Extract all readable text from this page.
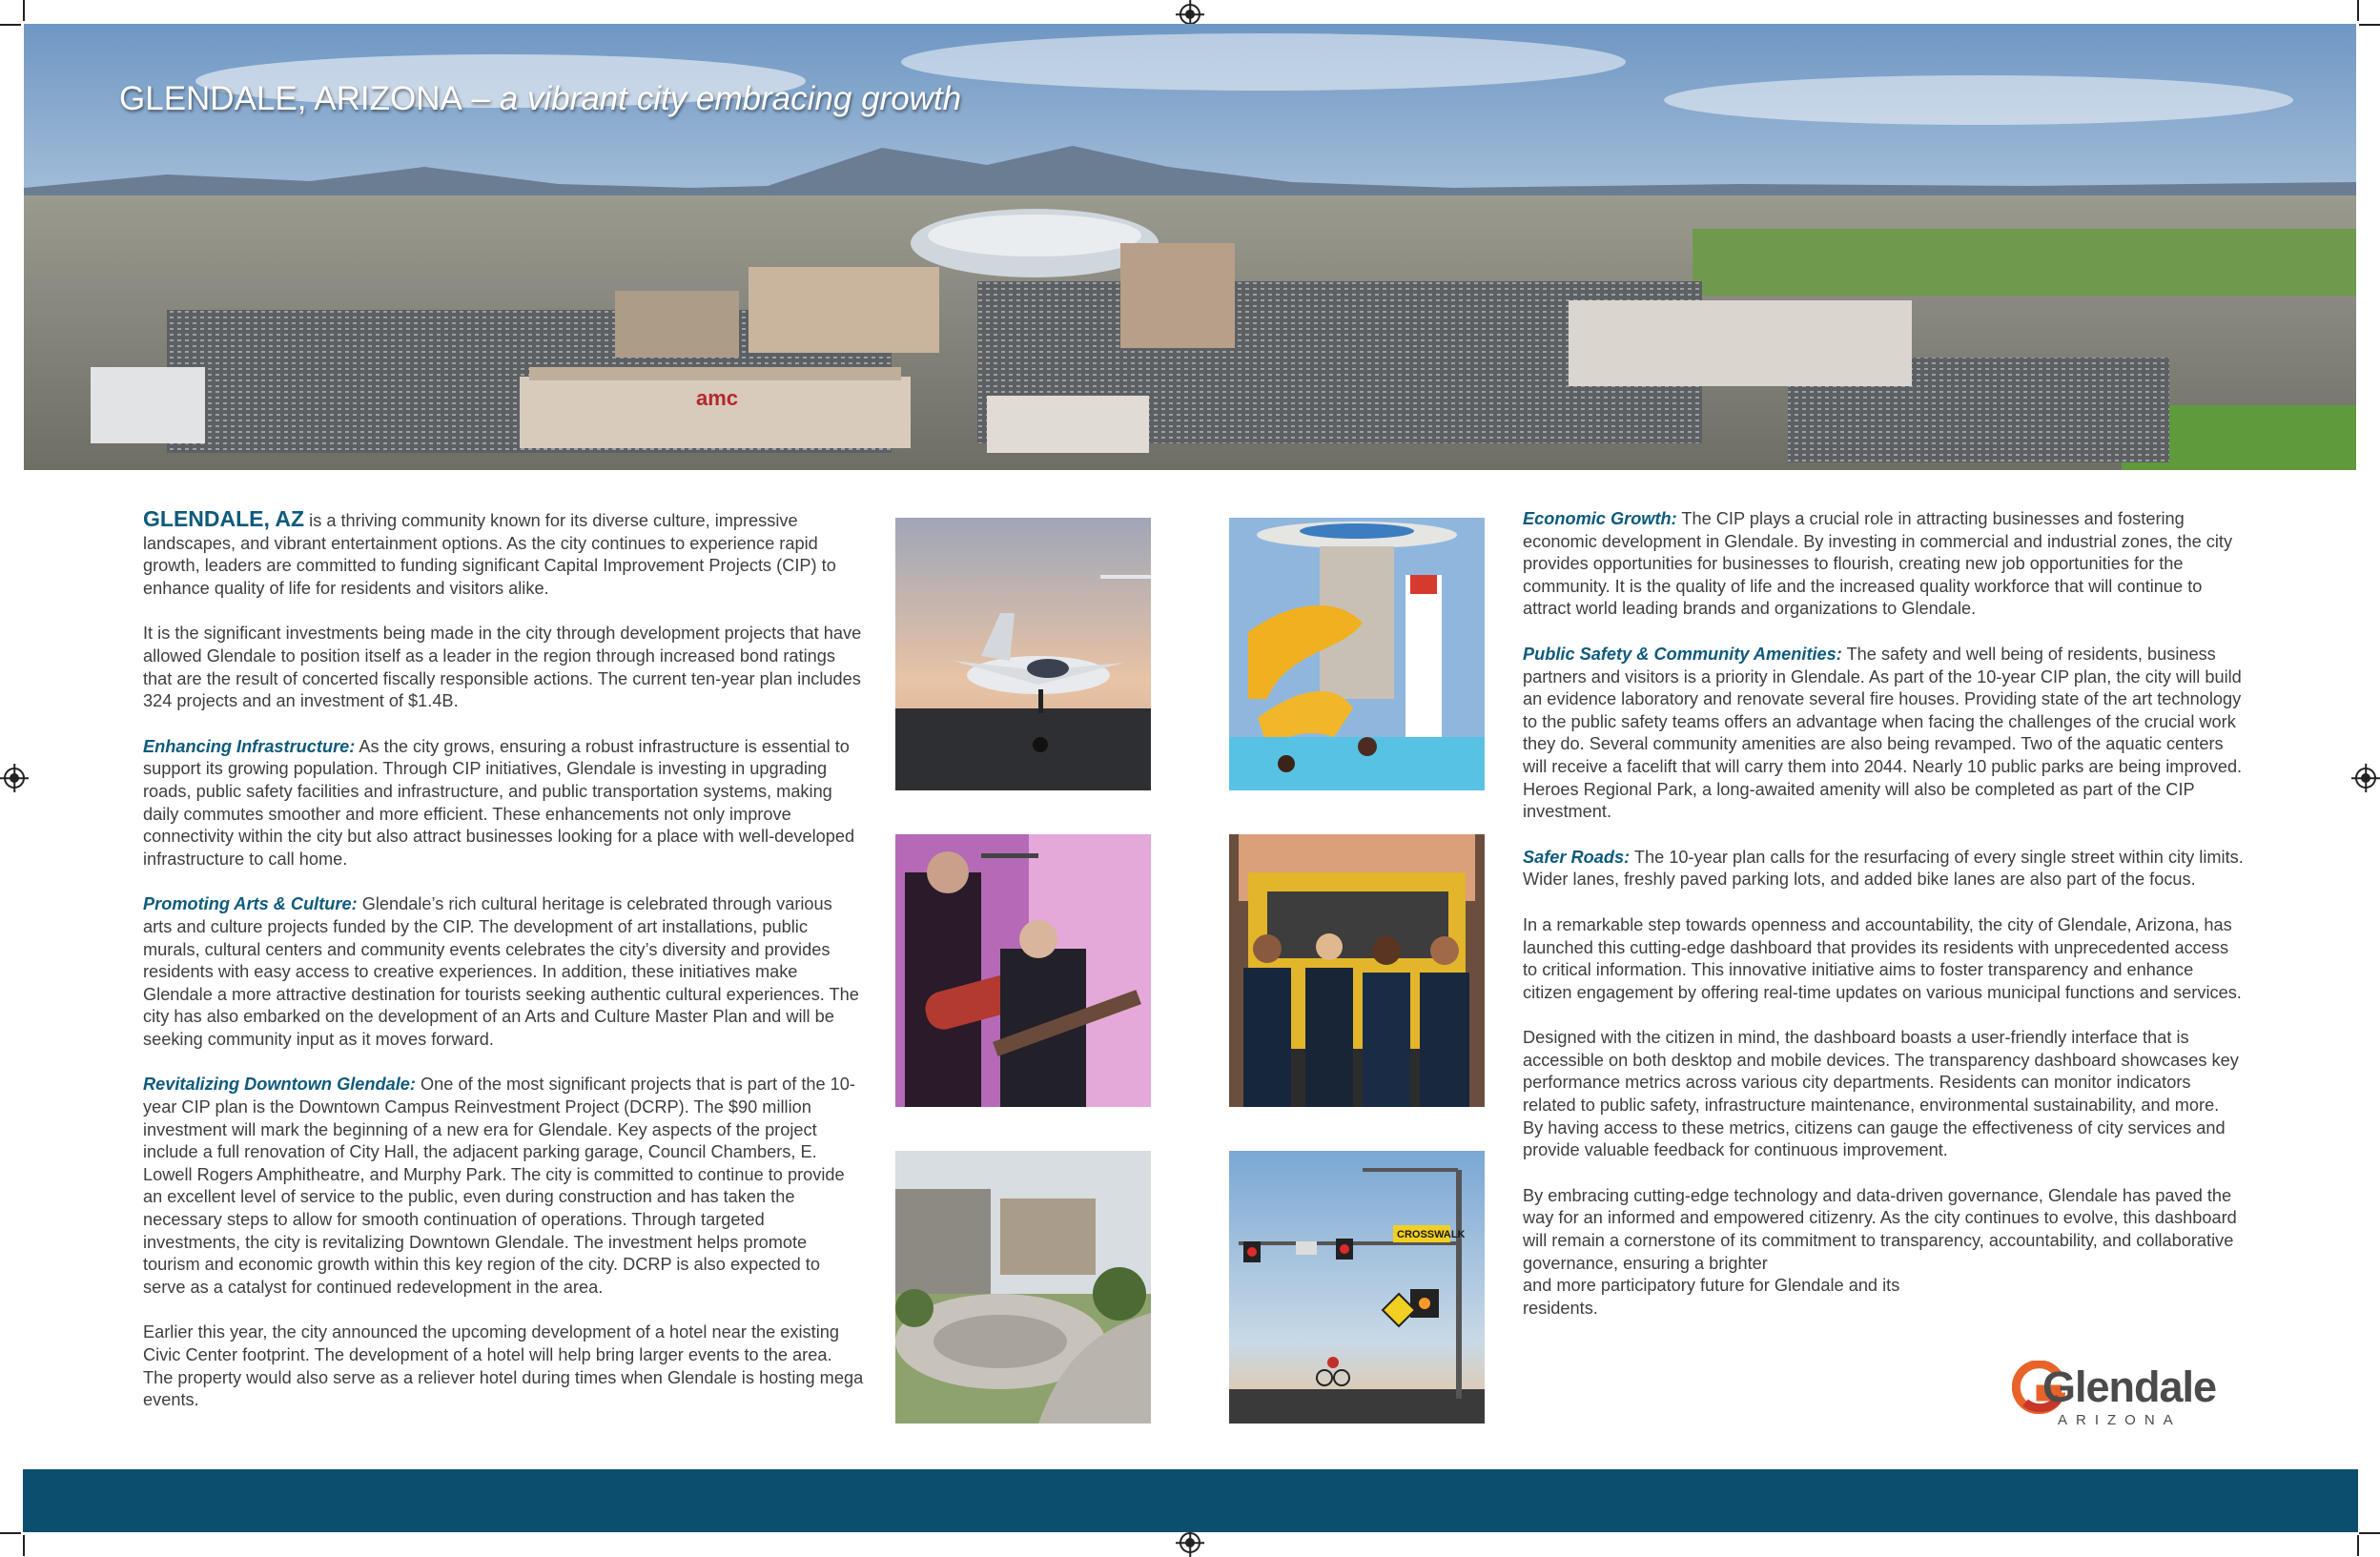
amc
GLENDALE, ARIZONA – a vibrant city embracing growth

GLENDALE, AZ is a thriving community known for its diverse culture, impressive landscapes, and vibrant entertainment options. As the city continues to experience rapid growth, leaders are committed to funding significant Capital Improvement Projects (CIP) to enhance quality of life for residents and visitors alike.

It is the significant investments being made in the city through development projects that have allowed Glendale to position itself as a leader in the region through increased bond ratings that are the result of concerted fiscally responsible actions. The current ten-year plan includes 324 projects and an investment of $1.4B.

Enhancing Infrastructure: As the city grows, ensuring a robust infrastructure is essential to support its growing population. Through CIP initiatives, Glendale is investing in upgrading roads, public safety facilities and infrastructure, and public transportation systems, making daily commutes smoother and more efficient. These enhancements not only improve connectivity within the city but also attract businesses looking for a place with well-developed infrastructure to call home.

Promoting Arts & Culture: Glendale’s rich cultural heritage is celebrated through various arts and culture projects funded by the CIP. The development of art installations, public murals, cultural centers and community events celebrates the city’s diversity and provides residents with easy access to creative experiences. In addition, these initiatives make Glendale a more attractive destination for tourists seeking authentic cultural experiences. The city has also embarked on the development of an Arts and Culture Master Plan and will be seeking community input as it moves forward.

Revitalizing Downtown Glendale: One of the most significant projects that is part of the 10-year CIP plan is the Downtown Campus Reinvestment Project (DCRP). The $90 million investment will mark the beginning of a new era for Glendale. Key aspects of the project include a full renovation of City Hall, the adjacent parking garage, Council Chambers, E. Lowell Rogers Amphitheatre, and Murphy Park. The city is committed to continue to provide an excellent level of service to the public, even during construction and has taken the necessary steps to allow for smooth continuation of operations. Through targeted investments, the city is revitalizing Downtown Glendale. The investment helps promote tourism and economic growth within this key region of the city. DCRP is also expected to serve as a catalyst for continued redevelopment in the area.

Earlier this year, the city announced the upcoming development of a hotel near the existing Civic Center footprint. The development of a hotel will help bring larger events to the area. The property would also serve as a reliever hotel during times when Glendale is hosting mega events.

CROSSWALK

Economic Growth: The CIP plays a crucial role in attracting businesses and fostering economic development in Glendale. By investing in commercial and industrial zones, the city provides opportunities for businesses to flourish, creating new job opportunities for the community. It is the quality of life and the increased quality workforce that will continue to attract world leading brands and organizations to Glendale.

Public Safety & Community Amenities: The safety and well being of residents, business partners and visitors is a priority in Glendale. As part of the 10-year CIP plan, the city will build an evidence laboratory and renovate several fire houses. Providing state of the art technology to the public safety teams offers an advantage when facing the challenges of the crucial work they do. Several community amenities are also being revamped. Two of the aquatic centers will receive a facelift that will carry them into 2044. Nearly 10 public parks are being improved. Heroes Regional Park, a long-awaited amenity will also be completed as part of the CIP investment.

Safer Roads: The 10-year plan calls for the resurfacing of every single street within city limits. Wider lanes, freshly paved parking lots, and added bike lanes are also part of the focus.

In a remarkable step towards openness and accountability, the city of Glendale, Arizona, has launched this cutting-edge dashboard that provides its residents with unprecedented access to critical information. This innovative initiative aims to foster transparency and enhance citizen engagement by offering real-time updates on various municipal functions and services.

Designed with the citizen in mind, the dashboard boasts a user-friendly interface that is accessible on both desktop and mobile devices. The transparency dashboard showcases key performance metrics across various city departments. Residents can monitor indicators related to public safety, infrastructure maintenance, environmental sustainability, and more. By having access to these metrics, citizens can gauge the effectiveness of city services and provide valuable feedback for continuous improvement.

By embracing cutting-edge technology and data-driven governance, Glendale has paved the way for an informed and empowered citizenry. As the city continues to evolve, this dashboard will remain a cornerstone of its commitment to transparency, accountability, and collaborative governance, ensuring a brighter

and more participatory future for Glendale and its residents.

Glendale
ARIZONA
